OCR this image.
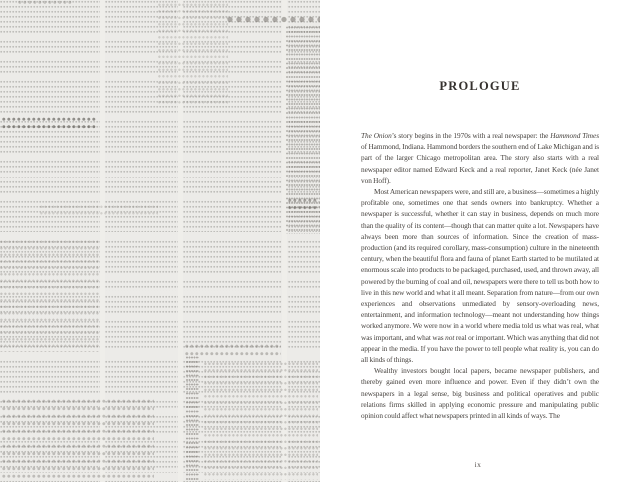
PROLOGUE

The Onion’s story begins in the 1970s with a real newspaper: the Hammond Times of Hammond, Indiana. Hammond borders the southern end of Lake Michigan and is part of the larger Chicago metropolitan area. The story also starts with a real newspaper editor named Edward Keck and a real reporter, Janet Keck (née Janet von Hoff).

Most American newspapers were, and still are, a business—sometimes a highly profitable one, sometimes one that sends owners into bankruptcy. Whether a newspaper is successful, whether it can stay in business, depends on much more than the quality of its content—though that can matter quite a lot. Newspapers have always been more than sources of information. Since the creation of mass-production (and its required corollary, mass-consumption) culture in the nineteenth century, when the beautiful flora and fauna of planet Earth started to be mutilated at enormous scale into products to be packaged, purchased, used, and thrown away, all powered by the burning of coal and oil, newspapers were there to tell us both how to live in this new world and what it all meant. Separation from nature—from our own experiences and observations unmediated by sensory-overloading news, entertainment, and information technology—meant not understanding how things worked anymore. We were now in a world where media told us what was real, what was important, and what was not real or important. Which was anything that did not appear in the media. If you have the power to tell people what reality is, you can do all kinds of things.

Wealthy investors bought local papers, became newspaper publishers, and thereby gained even more influence and power. Even if they didn’t own the newspapers in a legal sense, big business and political operatives and public relations firms skilled in applying economic pressure and manipulating public opinion could affect what newspapers printed in all kinds of ways. The

ix
